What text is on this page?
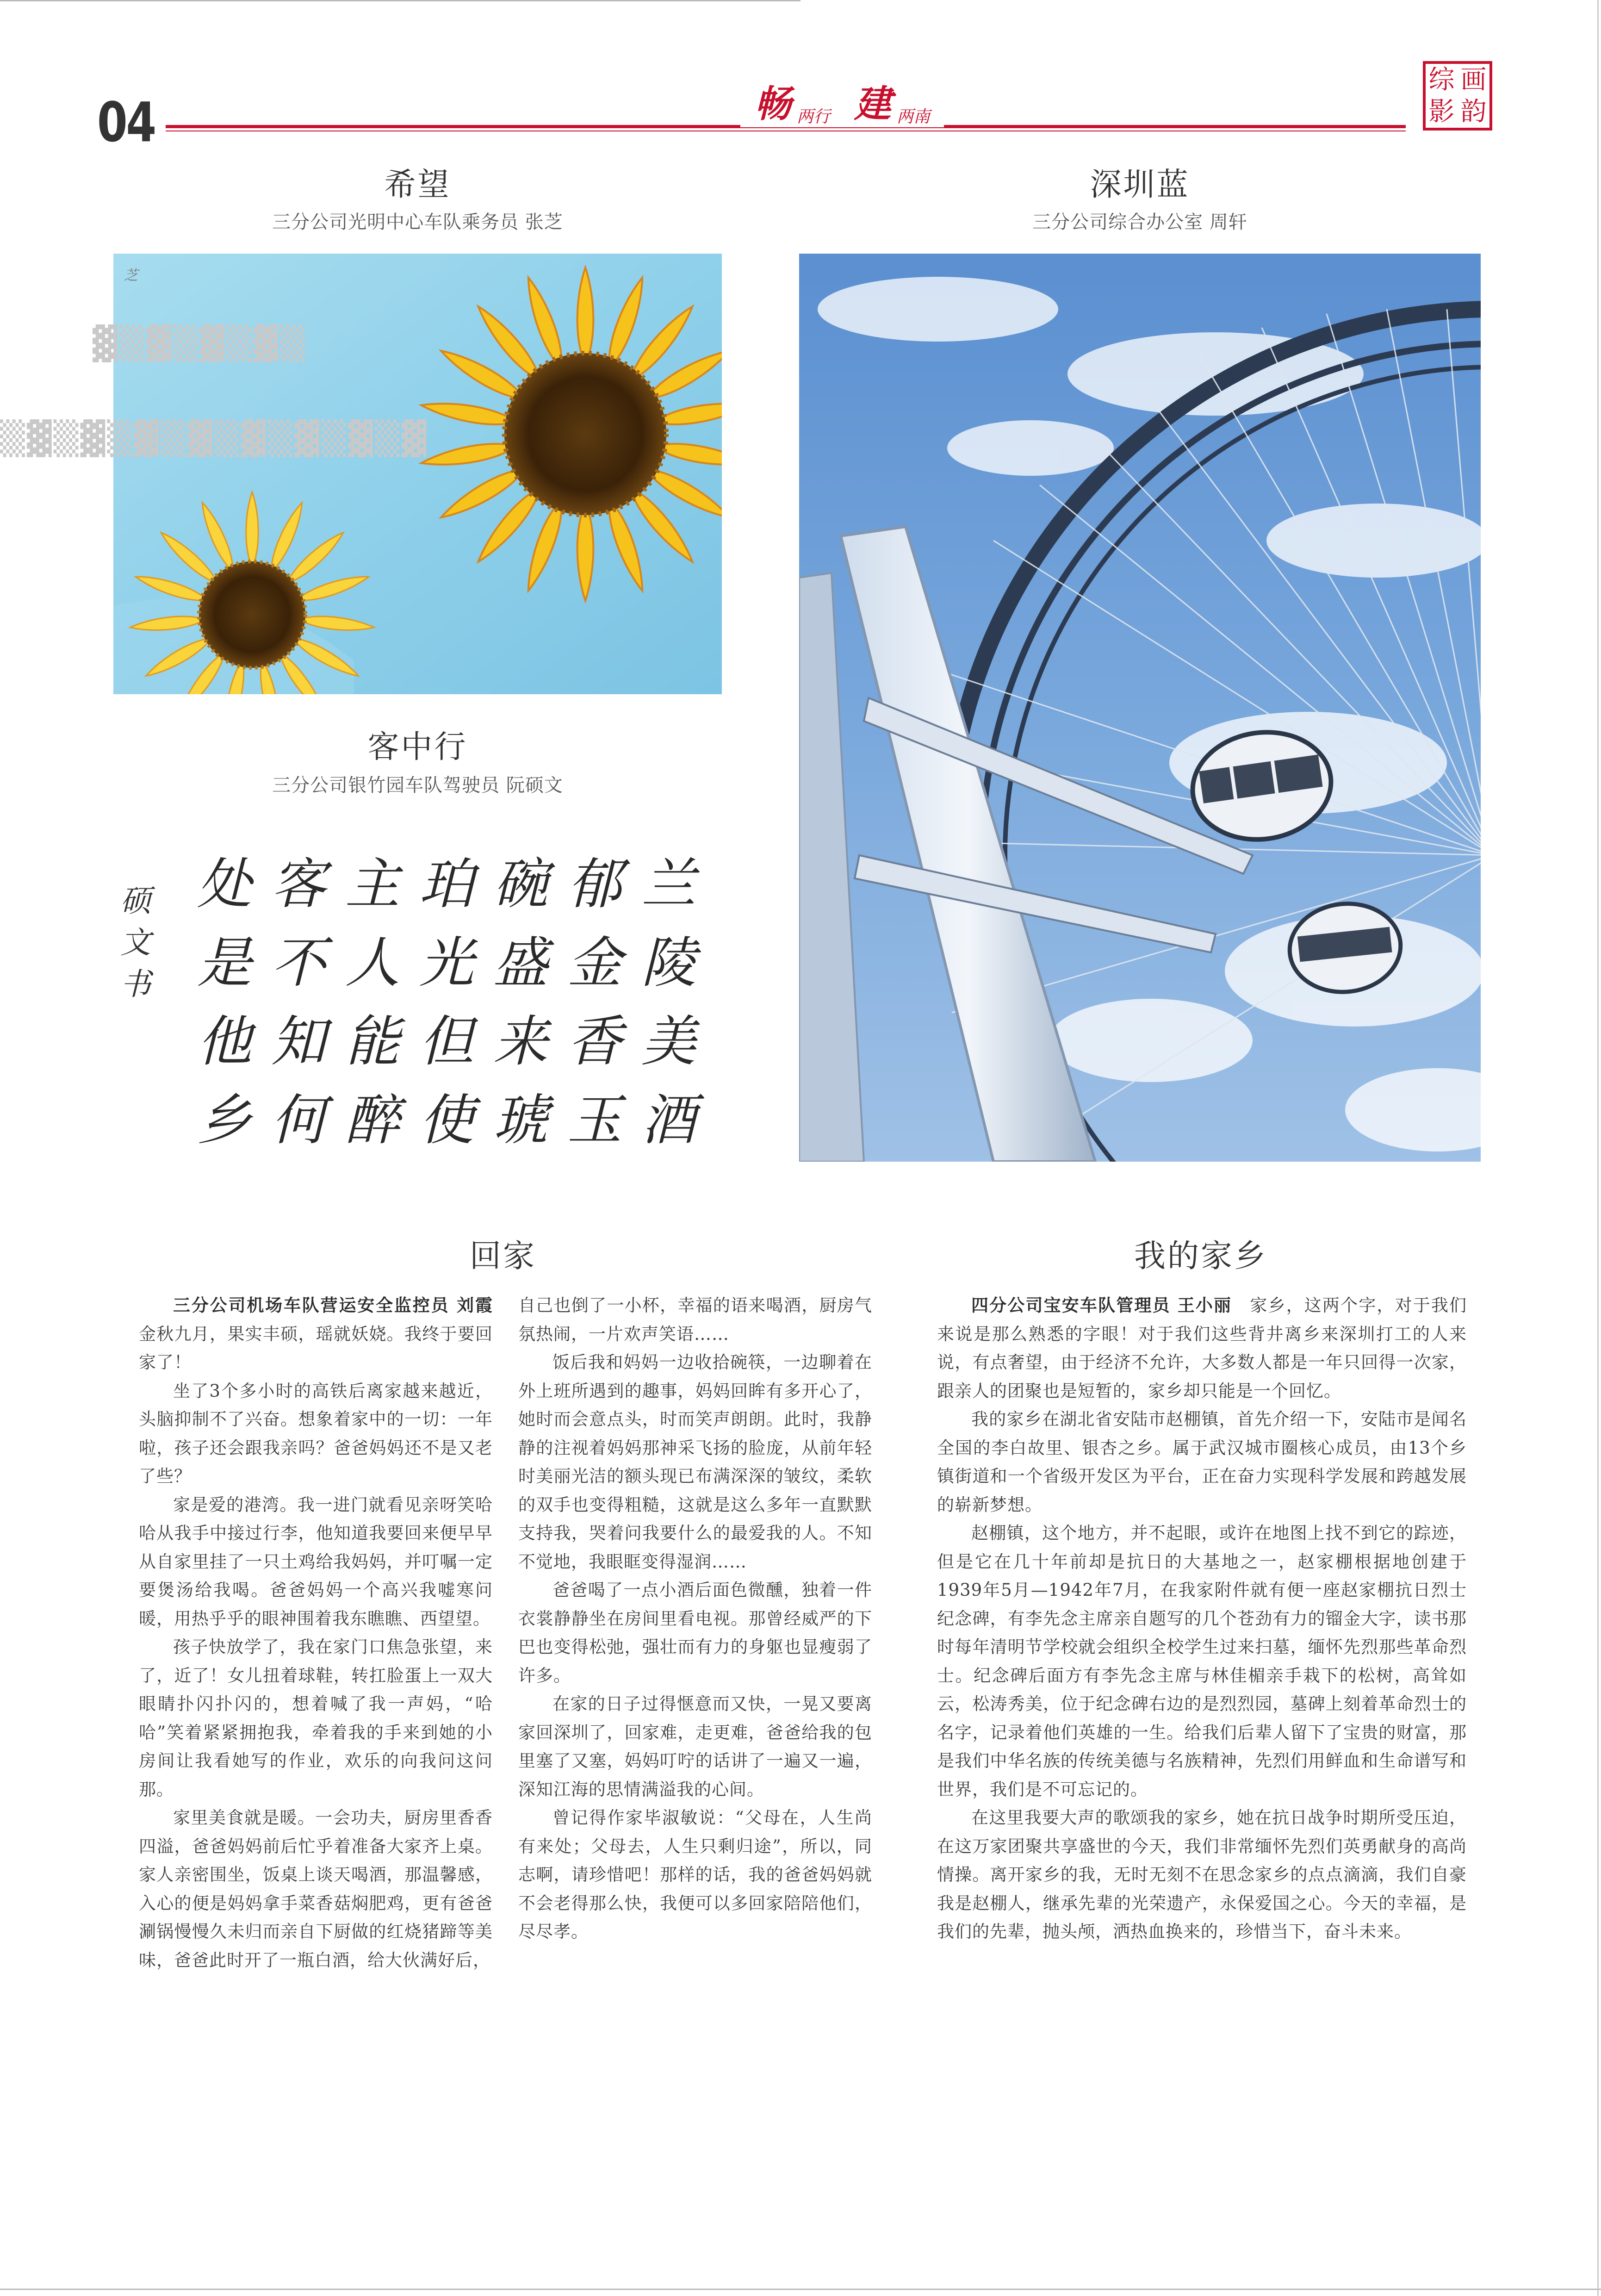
04	畅 两行 建 两南
综 画
影 韵
希望
三分公司光明中心车队乘务员 张芝
深圳蓝
三分公司综合办公室 周轩
芝
客中行
三分公司银竹园车队驾驶员 阮硕文
硕
文
书
处
是
他
乡
客
不
知
何
主
人
能
醉
珀
光
但
使
碗
盛
来
琥
郁
金
香
玉
兰
陵
美
酒
▓▒▓▒▓▒▓▒
▒▓▒▓▒▓▒▓▒▓▒▓▒▓▒▓
回家	我的家乡

三分公司机场车队营运安全监控员 刘霞　金秋九月，果实丰硕，瑶就妖娆。我终于要回家了！

坐了3个多小时的高铁后离家越来越近，头脑抑制不了兴奋。想象着家中的一切：一年啦，孩子还会跟我亲吗？爸爸妈妈还不是又老了些？

家是爱的港湾。我一进门就看见亲呀笑哈哈从我手中接过行李，他知道我要回来便早早从自家里挂了一只土鸡给我妈妈，并叮嘱一定要煲汤给我喝。爸爸妈妈一个高兴我嘘寒问暖，用热乎乎的眼神围着我东瞧瞧、西望望。

孩子快放学了，我在家门口焦急张望，来了，近了！女儿扭着球鞋，转扛脸蛋上一双大眼睛扑闪扑闪的，想着喊了我一声妈，“哈哈”笑着紧紧拥抱我，牵着我的手来到她的小房间让我看她写的作业，欢乐的向我问这问那。

家里美食就是暖。一会功夫，厨房里香香四溢，爸爸妈妈前后忙乎着准备大家齐上桌。家人亲密围坐，饭桌上谈天喝酒，那温馨感，入心的便是妈妈拿手菜香菇焖肥鸡，更有爸爸涮锅慢慢久未归而亲自下厨做的红烧猪蹄等美味，爸爸此时开了一瓶白酒，给大伙满好后，

自己也倒了一小杯，幸福的语来喝酒，厨房气氛热闹，一片欢声笑语……

饭后我和妈妈一边收拾碗筷，一边聊着在外上班所遇到的趣事，妈妈回眸有多开心了，她时而会意点头，时而笑声朗朗。此时，我静静的注视着妈妈那神采飞扬的脸庞，从前年轻时美丽光洁的额头现已布满深深的皱纹，柔软的双手也变得粗糙，这就是这么多年一直默默支持我，哭着问我要什么的最爱我的人。不知不觉地，我眼眶变得湿润……

爸爸喝了一点小酒后面色微醺，独着一件衣裳静静坐在房间里看电视。那曾经威严的下巴也变得松弛，强壮而有力的身躯也显瘦弱了许多。

在家的日子过得惬意而又快，一晃又要离家回深圳了，回家难，走更难，爸爸给我的包里塞了又塞，妈妈叮咛的话讲了一遍又一遍，深知江海的思情满溢我的心间。

曾记得作家毕淑敏说：“父母在，人生尚有来处；父母去，人生只剩归途”，所以，同志啊，请珍惜吧！那样的话，我的爸爸妈妈就不会老得那么快，我便可以多回家陪陪他们，尽尽孝。

四分公司宝安车队管理员 王小丽　 家乡，这两个字，对于我们来说是那么熟悉的字眼！对于我们这些背井离乡来深圳打工的人来说，有点奢望，由于经济不允许，大多数人都是一年只回得一次家，跟亲人的团聚也是短暂的，家乡却只能是一个回忆。

我的家乡在湖北省安陆市赵棚镇，首先介绍一下，安陆市是闻名全国的李白故里、银杏之乡。属于武汉城市圈核心成员，由13个乡镇街道和一个省级开发区为平台，正在奋力实现科学发展和跨越发展的崭新梦想。

赵棚镇，这个地方，并不起眼，或许在地图上找不到它的踪迹，但是它在几十年前却是抗日的大基地之一，赵家棚根据地创建于1939年5月—1942年7月，在我家附件就有便一座赵家棚抗日烈士纪念碑，有李先念主席亲自题写的几个苍劲有力的镏金大字，读书那时每年清明节学校就会组织全校学生过来扫墓，缅怀先烈那些革命烈士。纪念碑后面方有李先念主席与林佳楣亲手栽下的松树，高耸如云，松涛秀美，位于纪念碑右边的是烈烈园，墓碑上刻着革命烈士的名字，记录着他们英雄的一生。给我们后辈人留下了宝贵的财富，那是我们中华名族的传统美德与名族精神，先烈们用鲜血和生命谱写和世界，我们是不可忘记的。

在这里我要大声的歌颂我的家乡，她在抗日战争时期所受压迫，在这万家团聚共享盛世的今天，我们非常缅怀先烈们英勇献身的高尚情操。离开家乡的我，无时无刻不在思念家乡的点点滴滴，我们自豪我是赵棚人，继承先辈的光荣遗产，永保爱国之心。今天的幸福，是我们的先辈，抛头颅，洒热血换来的，珍惜当下，奋斗未来。
